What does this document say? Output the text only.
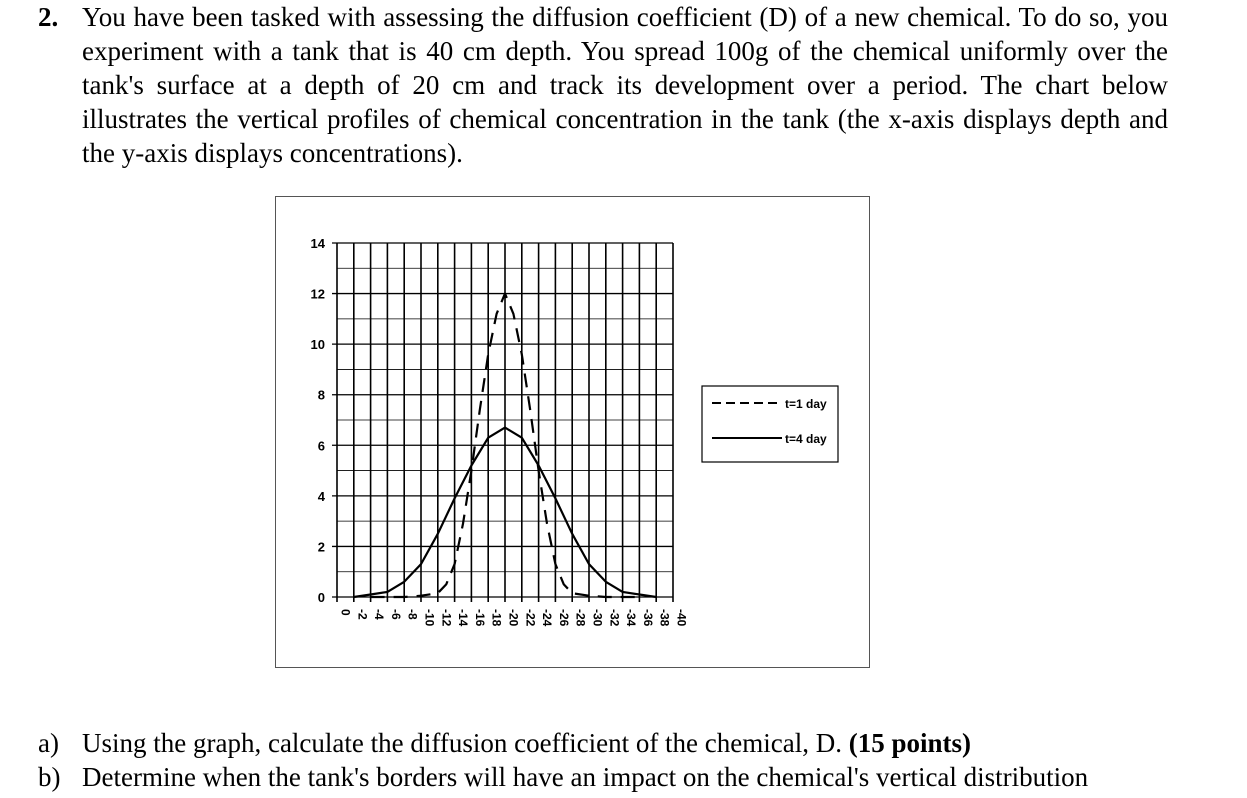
2. You have been tasked with assessing the diffusion coefficient (D) of a new chemical. To do so, you experiment with a tank that is 40 cm depth. You spread 100g of the chemical uniformly over the tank's surface at a depth of 20 cm and track its development over a period. The chart below illustrates the vertical profiles of chemical concentration in the tank (the x-axis displays depth and the y-axis displays concentrations).
0
2
4
6
8
10
12
14
0 -2 -4 -6 -8 -10 -12 -14 -16 -18 -20 -22 -24 -26 -28 -30 -32 -34 -36 -38 -40
t=1 day
t=4 day
a) Using the graph, calculate the diffusion coefficient of the chemical, D. (15 points)
b) Determine when the tank's borders will have an impact on the chemical's vertical distribution
